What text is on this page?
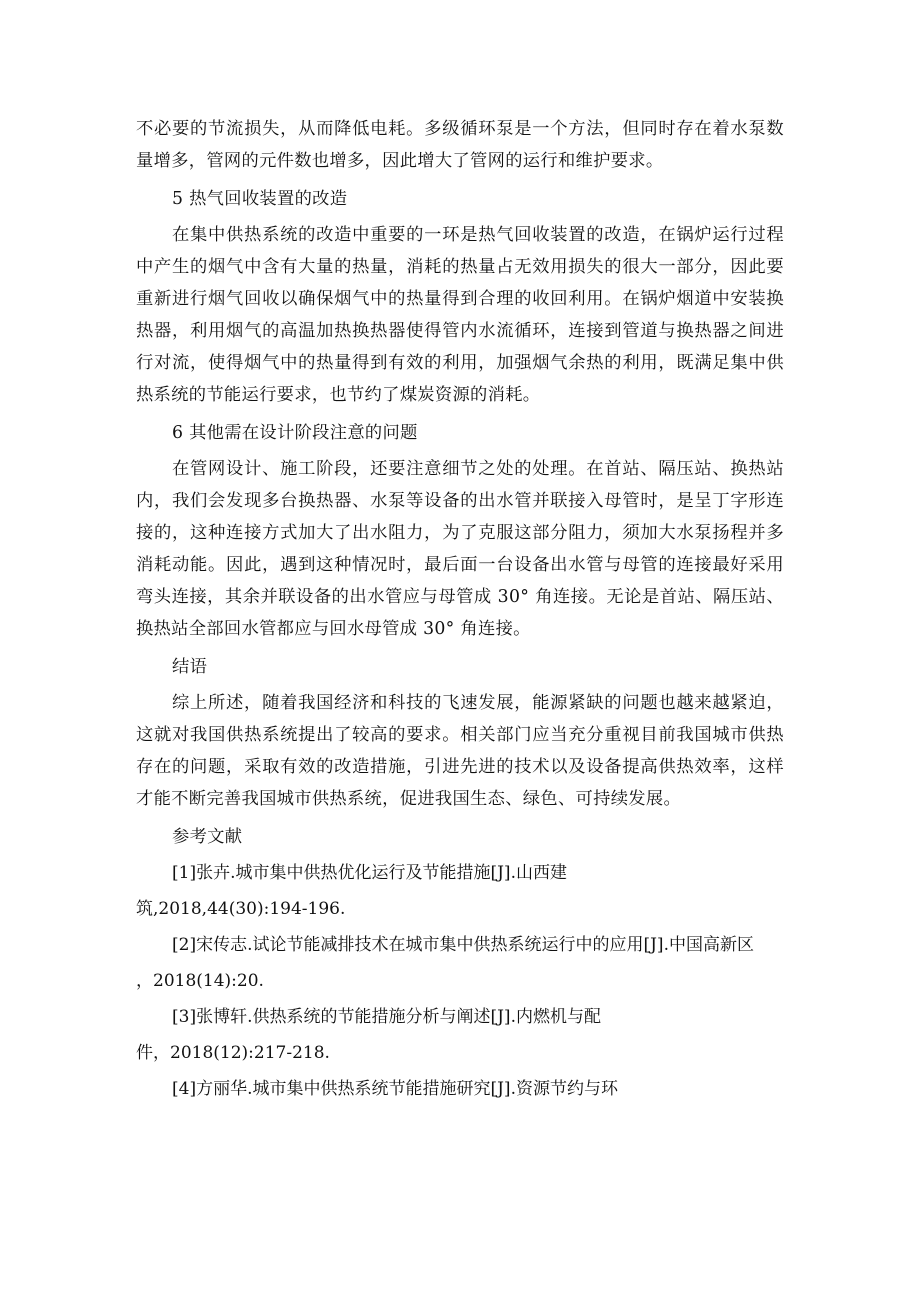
不必要的节流损失，从而降低电耗。多级循环泵是一个方法，但同时存在着水泵数量增多，管网的元件数也增多，因此增大了管网的运行和维护要求。

5 热气回收装置的改造

在集中供热系统的改造中重要的一环是热气回收装置的改造，在锅炉运行过程中产生的烟气中含有大量的热量，消耗的热量占无效用损失的很大一部分，因此要重新进行烟气回收以确保烟气中的热量得到合理的收回利用。在锅炉烟道中安装换热器，利用烟气的高温加热换热器使得管内水流循环，连接到管道与换热器之间进行对流，使得烟气中的热量得到有效的利用，加强烟气余热的利用，既满足集中供热系统的节能运行要求，也节约了煤炭资源的消耗。

6 其他需在设计阶段注意的问题

在管网设计、施工阶段，还要注意细节之处的处理。在首站、隔压站、换热站内，我们会发现多台换热器、水泵等设备的出水管并联接入母管时，是呈丁字形连接的，这种连接方式加大了出水阻力，为了克服这部分阻力，须加大水泵扬程并多消耗动能。因此，遇到这种情况时，最后面一台设备出水管与母管的连接最好采用弯头连接，其余并联设备的出水管应与母管成 30° 角连接。无论是首站、隔压站、换热站全部回水管都应与回水母管成 30° 角连接。

结语

综上所述，随着我国经济和科技的飞速发展，能源紧缺的问题也越来越紧迫，这就对我国供热系统提出了较高的要求。相关部门应当充分重视目前我国城市供热存在的问题，采取有效的改造措施，引进先进的技术以及设备提高供热效率，这样才能不断完善我国城市供热系统，促进我国生态、绿色、可持续发展。

参考文献

[1]张卉.城市集中供热优化运行及节能措施[J].山西建

筑,2018,44(30):194-196.

[2]宋传志.试论节能减排技术在城市集中供热系统运行中的应用[J].中国高新区

，2018(14):20.

[3]张博轩.供热系统的节能措施分析与阐述[J].内燃机与配

件，2018(12):217-218.

[4]方丽华.城市集中供热系统节能措施研究[J].资源节约与环
